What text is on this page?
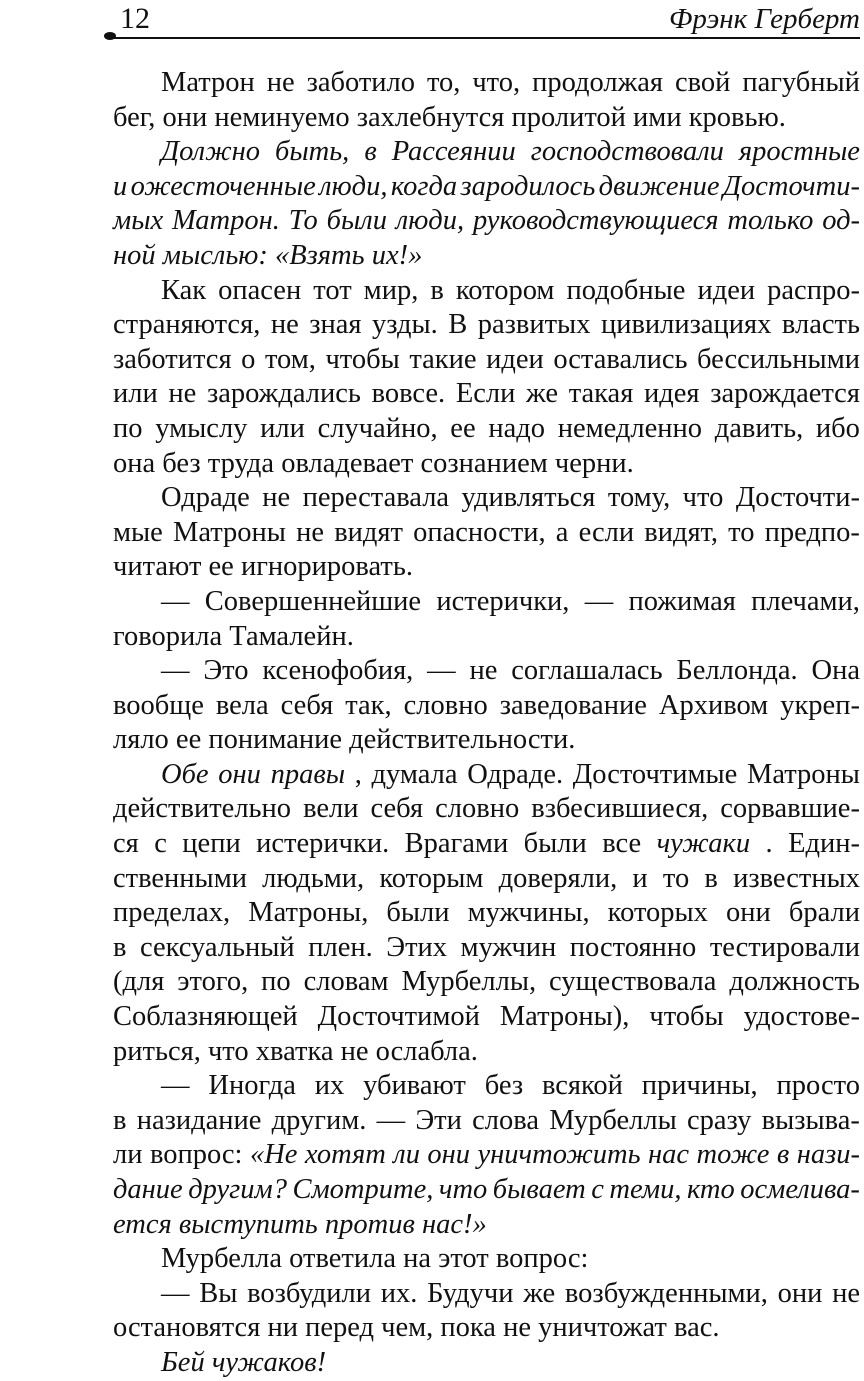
12	Фрэнк Герберт
Матрон не заботило то, что, продолжая свой пагубный
бег, они неминуемо захлебнутся пролитой ими кровью.
Должно быть, в Рассеянии господствовали яростные
и ожесточенные люди, когда зародилось движение Досточти-
мых Матрон. То были люди, руководствующиеся только од-
ной мыслью: «Взять их!»
Как опасен тот мир, в котором подобные идеи распро-
страняются, не зная узды. В развитых цивилизациях власть
заботится о том, чтобы такие идеи оставались бессильными
или не зарождались вовсе. Если же такая идея зарождается
по умыслу или случайно, ее надо немедленно давить, ибо
она без труда овладевает сознанием черни.
Одраде не переставала удивляться тому, что Досточти-
мые Матроны не видят опасности, а если видят, то предпо-
читают ее игнорировать.
— Совершеннейшие истерички, — пожимая плечами,
говорила Тамалейн.
— Это ксенофобия, — не соглашалась Беллонда. Она
вообще вела себя так, словно заведование Архивом укреп-
ляло ее понимание действительности.
Обе они правы , думала Одраде. Досточтимые Матроны
действительно вели себя словно взбесившиеся, сорвавшие-
ся с цепи истерички. Врагами были все чужаки . Един-
ственными людьми, которым доверяли, и то в известных
пределах, Матроны, были мужчины, которых они брали
в сексуальный плен. Этих мужчин постоянно тестировали
(для этого, по словам Мурбеллы, существовала должность
Соблазняющей Досточтимой Матроны), чтобы удостове-
риться, что хватка не ослабла.
— Иногда их убивают без всякой причины, просто
в назидание другим. — Эти слова Мурбеллы сразу вызыва-
ли вопрос: «Не хотят ли они уничтожить нас тоже в нази-
дание другим? Смотрите, что бывает с теми, кто осмелива-
ется выступить против нас!»
Мурбелла ответила на этот вопрос:
— Вы возбудили их. Будучи же возбужденными, они не
остановятся ни перед чем, пока не уничтожат вас.
Бей чужаков!
